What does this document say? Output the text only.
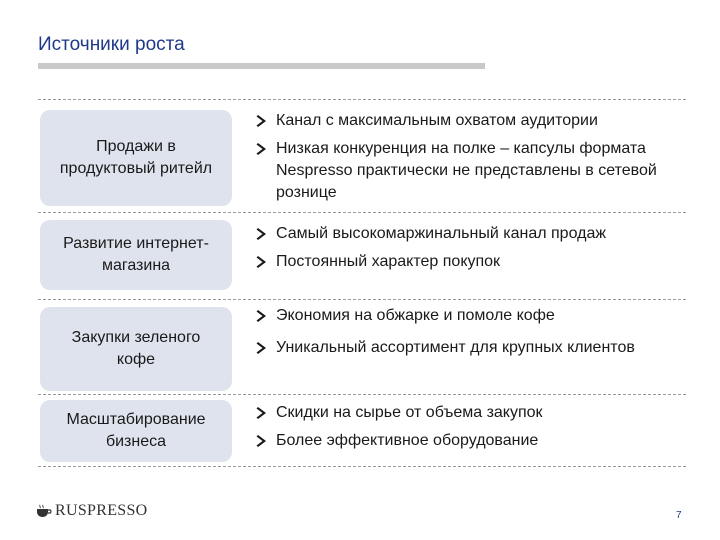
Источники роста
Продажи в
продуктовый ритейл
Канал с максимальным охватом аудитории
Низкая конкуренция на полке – капсулы формата Nespresso практически не представлены в сетевой рознице
Развитие интернет-
магазина
Самый высокомаржинальный канал продаж
Постоянный характер покупок
Закупки зеленого
кофе
Экономия на обжарке и помоле кофе
Уникальный ассортимент для крупных клиентов
Масштабирование
бизнеса
Скидки на сырье от объема закупок
Более эффективное оборудование
RUSPRESSO	7
